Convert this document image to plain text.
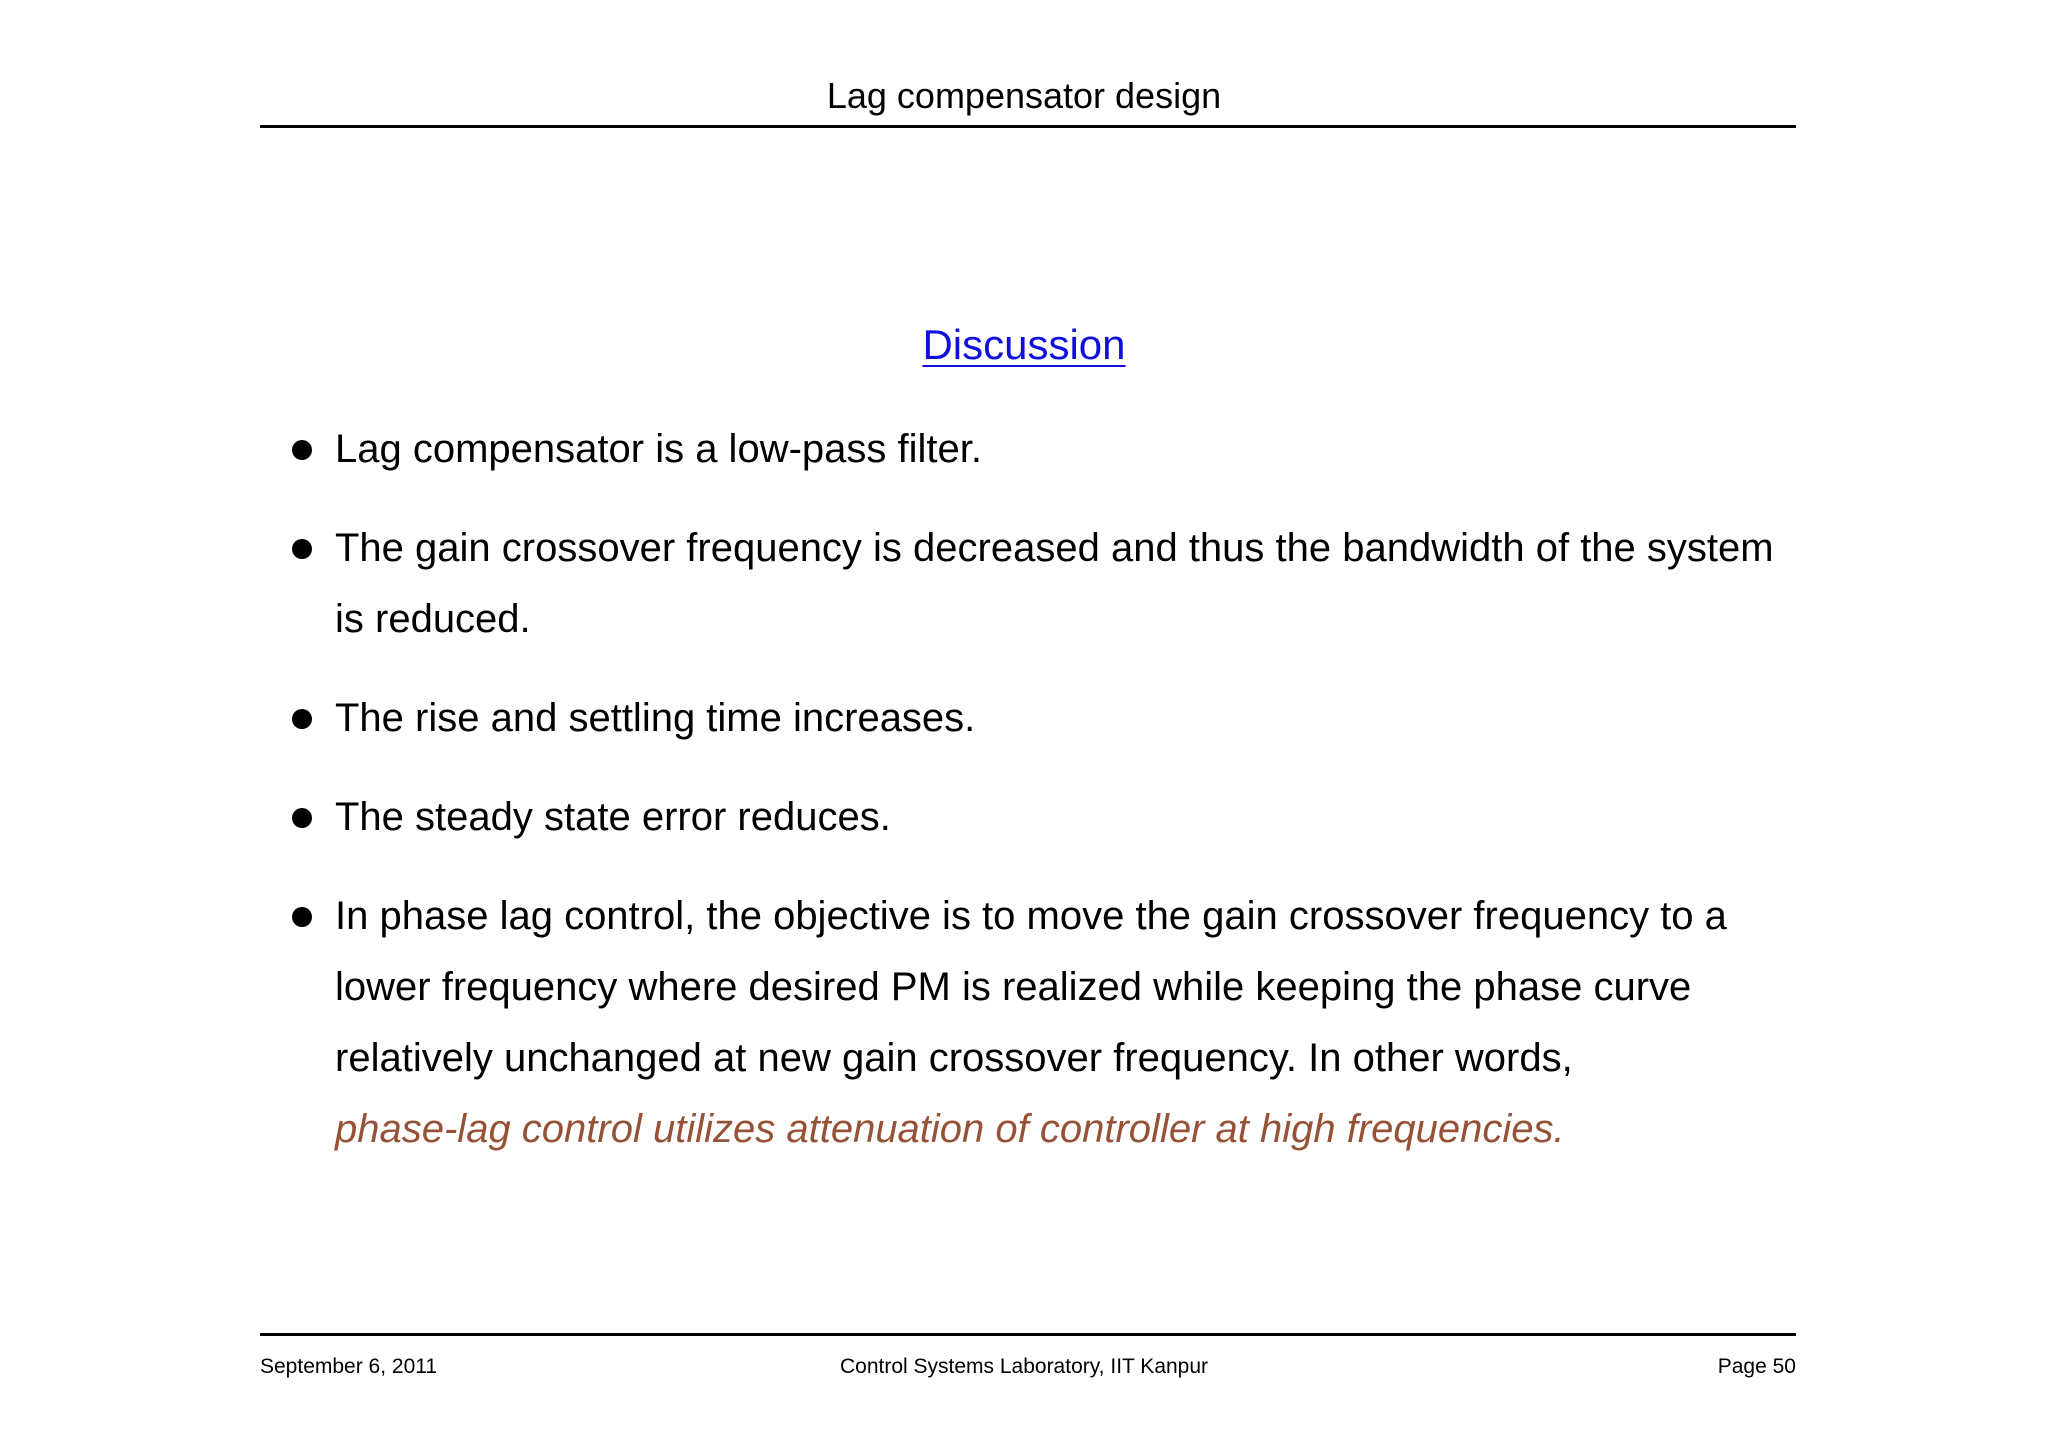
Lag compensator design
Discussion
Lag compensator is a low-pass filter.
The gain crossover frequency is decreased and thus the bandwidth of the system is reduced.
The rise and settling time increases.
The steady state error reduces.
In phase lag control, the objective is to move the gain crossover frequency to a lower frequency where desired PM is realized while keeping the phase curve relatively unchanged at new gain crossover frequency. In other words,
phase-lag control utilizes attenuation of controller at high frequencies.
September 6, 2011	Control Systems Laboratory, IIT Kanpur	Page 50
